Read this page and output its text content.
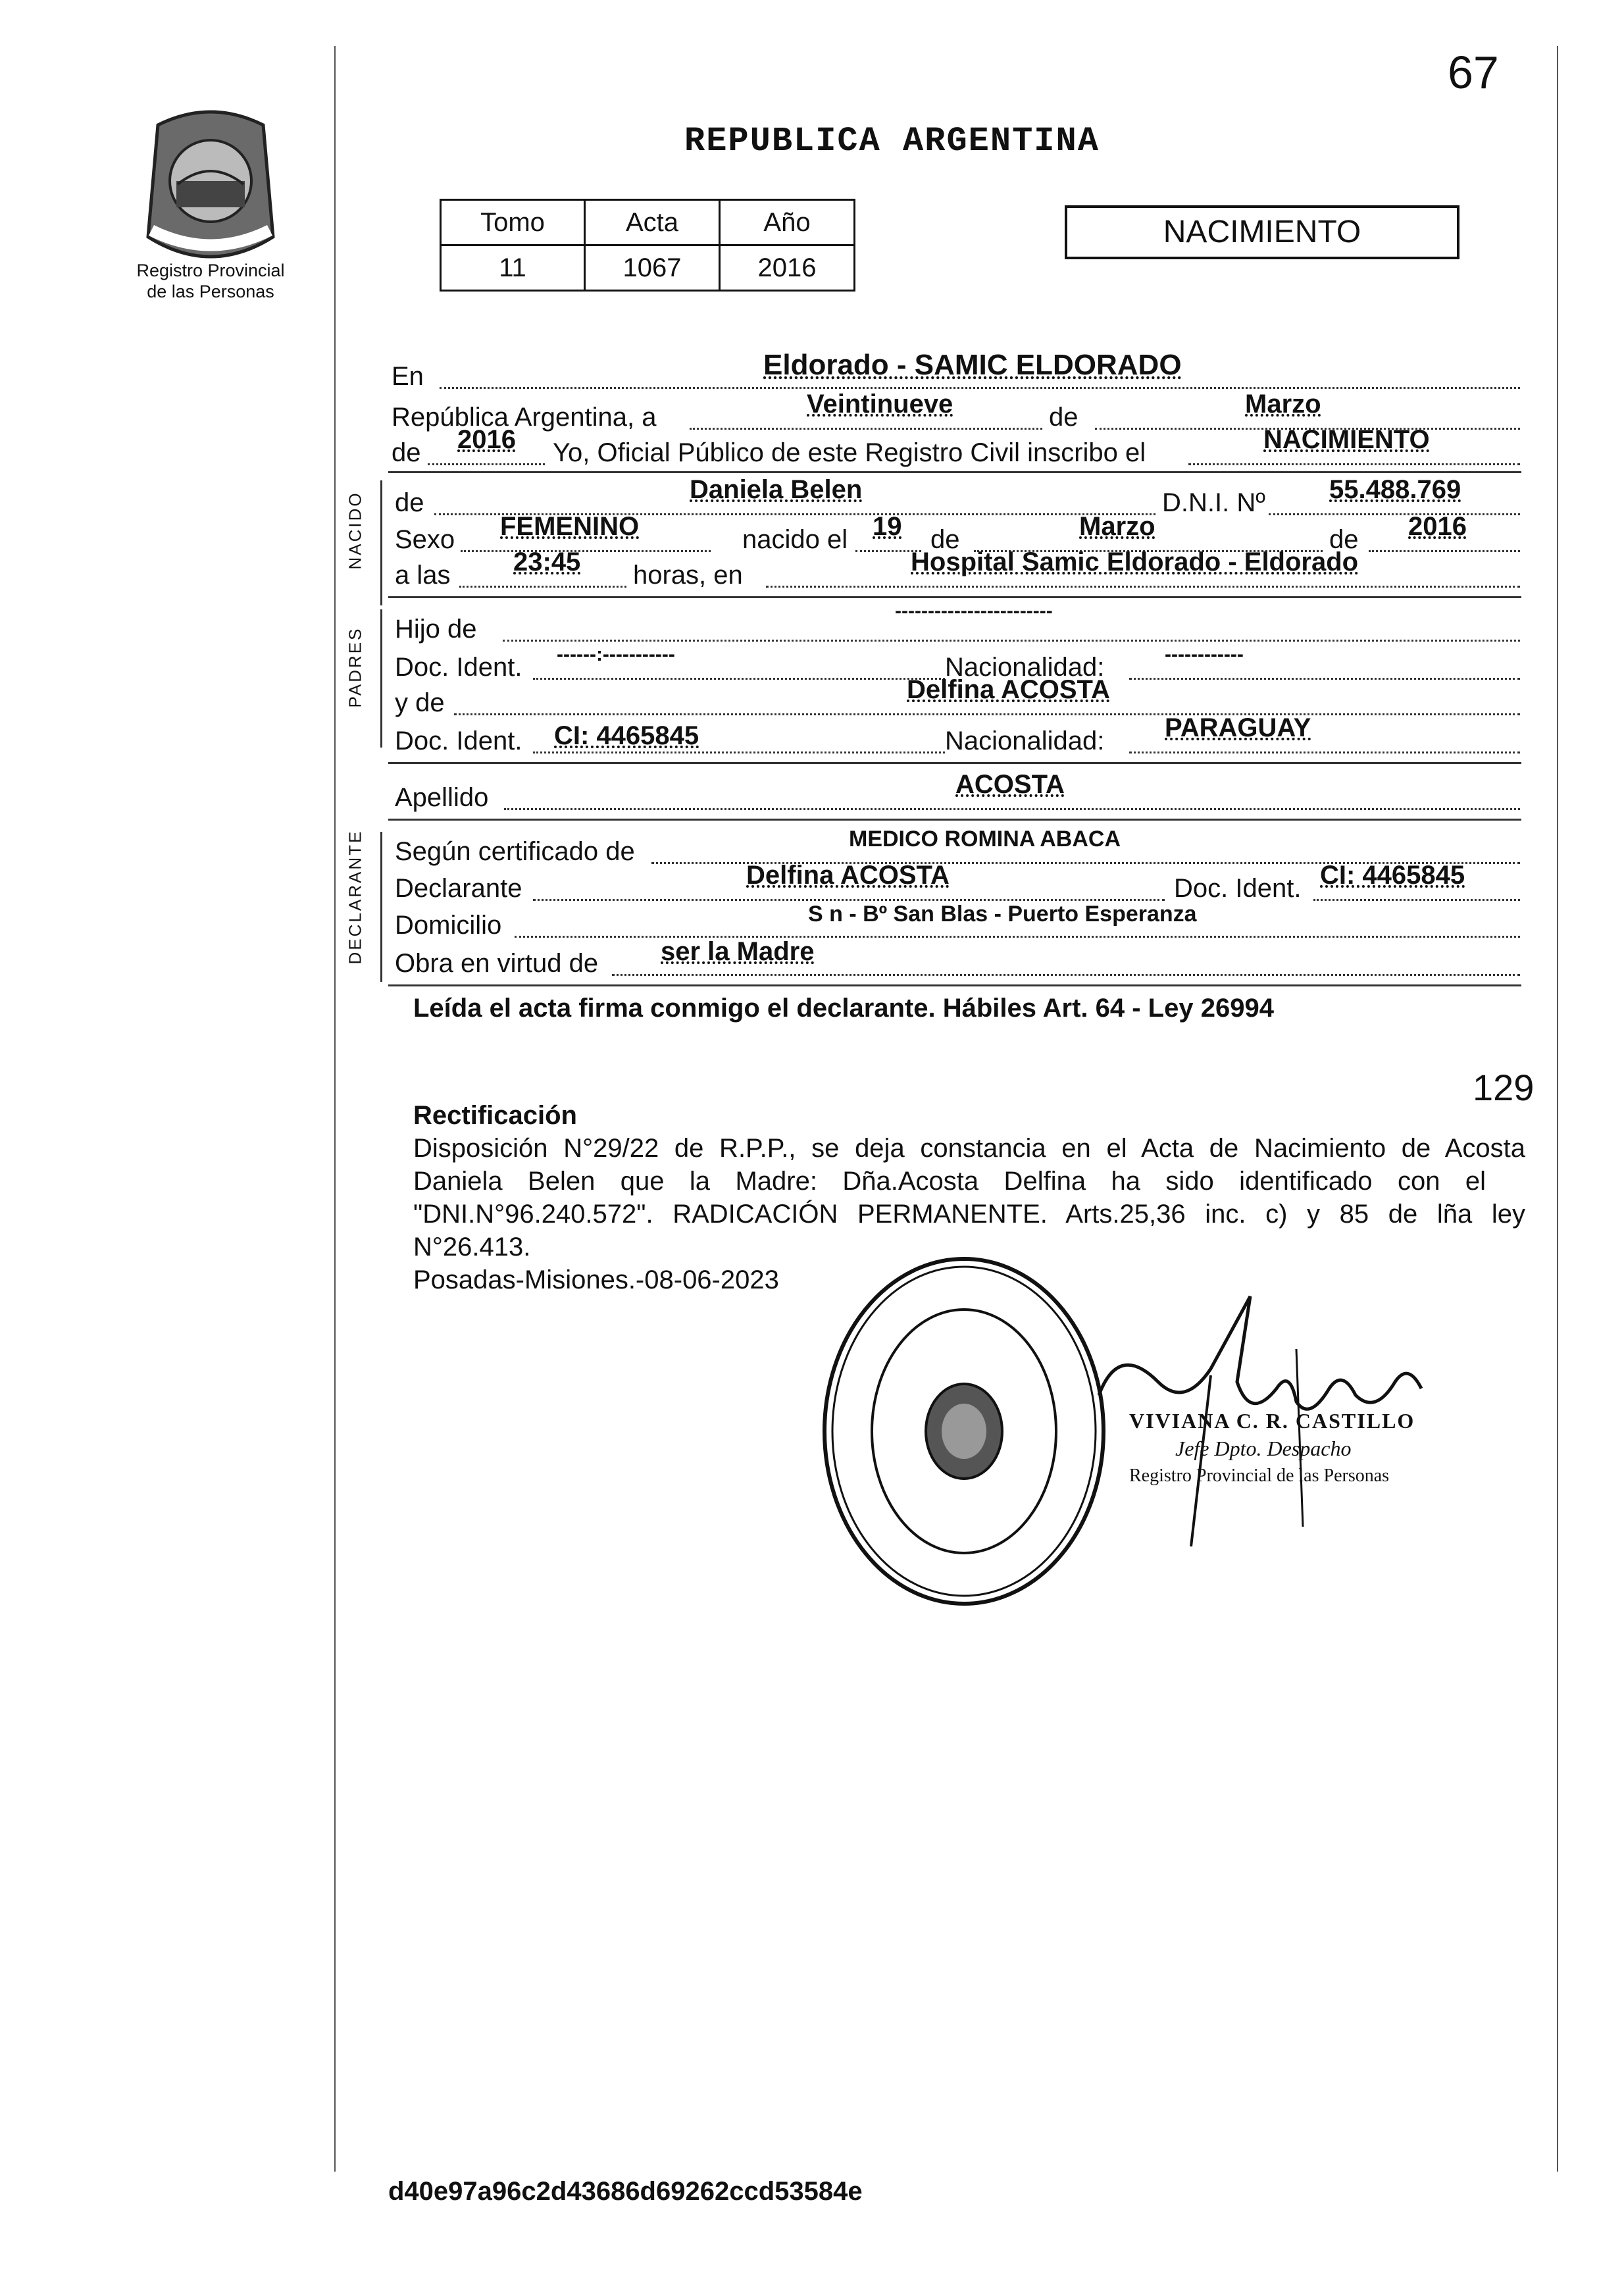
67
Registro Provincial
de las Personas
REPUBLICA ARGENTINA
Tomo	Acta	Año
11	1067	2016
NACIMIENTO
En	Eldorado - SAMIC ELDORADO
República Argentina, a	Veintinueve	de	Marzo
de 2016 Yo, Oficial Público de este Registro Civil inscribo el	NACIMIENTO
NACIDO de	Daniela Belen	D.N.I. Nº 55.488.769
Sexo FEMENINO	nacido el 19 de	Marzo	de 2016
a las 23:45 horas, en	Hospital Samic Eldorado - Eldorado
PADRES Hijo de
------------------------
Doc. Ident. ------:-----------	Nacionalidad:	------------
y de	Delfina ACOSTA
Doc. Ident. CI: 4465845	Nacionalidad: PARAGUAY
Apellido	ACOSTA
DECLARANTE Según certificado de	MEDICO ROMINA ABACA
Declarante	Delfina ACOSTA	Doc. Ident. CI: 4465845
Domicilio	S n - Bº San Blas - Puerto Esperanza
Obra en virtud de ser la Madre
Leída el acta firma conmigo el declarante. Hábiles Art. 64 - Ley 26994
129
Rectificación
Disposición N°29/22 de R.P.P., se deja constancia en el Acta de Nacimiento de Acosta
Daniela Belen que la Madre: Dña.Acosta Delfina ha sido identificado con el
"DNI.N°96.240.572". RADICACIÓN PERMANENTE. Arts.25,36 inc. c) y 85 de lña ley
N°26.413.
Posadas-Misiones.-08-06-2023
VIVIANA C. R. CASTILLO
Jefe Dpto. Despacho
Registro Provincial de las Personas
d40e97a96c2d43686d69262ccd53584e
